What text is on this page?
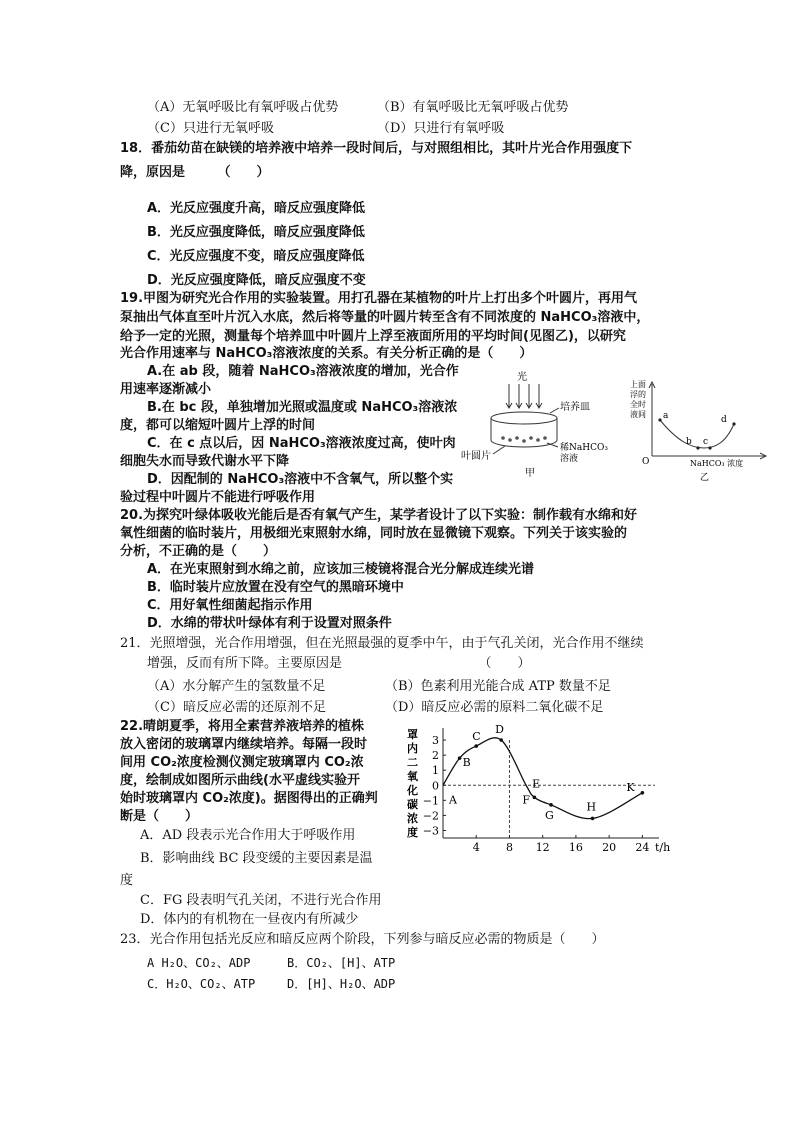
（A）无氧呼吸比有氧呼吸占优势	（B）有氧呼吸比无氧呼吸占优势
（C）只进行无氧呼吸	（D）只进行有氧呼吸
18．番茄幼苗在缺镁的培养液中培养一段时间后，与对照组相比，其叶片光合作用强度下
降，原因是　　　（　　）
A．光反应强度升高，暗反应强度降低
B．光反应强度降低，暗反应强度降低
C．光反应强度不变，暗反应强度降低
D．光反应强度降低，暗反应强度不变
19.甲图为研究光合作用的实验装置。用打孔器在某植物的叶片上打出多个叶圆片，再用气
泵抽出气体直至叶片沉入水底，然后将等量的叶圆片转至含有不同浓度的 NaHCO₃溶液中，
给予一定的光照，测量每个培养皿中叶圆片上浮至液面所用的平均时间(见图乙)，以研究
光合作用速率与 NaHCO₃溶液浓度的关系。有关分析正确的是（　　）
A.在 ab 段，随着 NaHCO₃溶液浓度的增加，光合作
用速率逐渐减小
B.在 bc 段，单独增加光照或温度或 NaHCO₃溶液浓
度，都可以缩短叶圆片上浮的时间
C．在 c 点以后，因 NaHCO₃溶液浓度过高，使叶肉
细胞失水而导致代谢水平下降
D．因配制的 NaHCO₃溶液中不含氧气，所以整个实
验过程中叶圆片不能进行呼吸作用
光
培养皿
稀NaHCO₃
溶液
叶圆片
甲
上面
浮的
全时
液间 a
b c
d
O	NaHCO₃ 浓度
乙
20.为探究叶绿体吸收光能后是否有氧气产生，某学者设计了以下实验：制作载有水绵和好
氧性细菌的临时装片，用极细光束照射水绵，同时放在显微镜下观察。下列关于该实验的
分析，不正确的是（　　）
A．在光束照射到水绵之前，应该加三棱镜将混合光分解成连续光谱
B．临时装片应放置在没有空气的黑暗环境中
C．用好氧性细菌起指示作用
D．水绵的带状叶绿体有利于设置对照条件
21．光照增强，光合作用增强，但在光照最强的夏季中午，由于气孔关闭，光合作用不继续
增强，反而有所下降。主要原因是　　　　　　　　　　　（　　）
（A）水分解产生的氢数量不足	（B）色素利用光能合成 ATP 数量不足
（C）暗反应必需的还原剂不足	（D）暗反应必需的原料二氧化碳不足
22.晴朗夏季，将用全素营养液培养的植株
放入密闭的玻璃罩内继续培养。每隔一段时
间用 CO₂浓度检测仪测定玻璃罩内 CO₂浓
度，绘制成如图所示曲线(水平虚线实验开
始时玻璃罩内 CO₂浓度)。据图得出的正确判
断是（　　）
A．AD 段表示光合作用大于呼吸作用
B．影响曲线 BC 段变缓的主要因素是温
度
C．FG 段表明气孔关闭，不进行光合作用
D．体内的有机物在一昼夜内有所减少
罩内二氧化碳浓度
3
2
1
0
−1
−2
−3
4 8 12 16 20 24
A
B
C
D
E
F
G
H
K
t/h
23．光合作用包括光反应和暗反应两个阶段，下列参与暗反应必需的物质是（　　）
A H₂O、CO₂、ADP	B．CO₂、[H]、ATP
C．H₂O、CO₂、ATP	D．[H]、H₂O、ADP
